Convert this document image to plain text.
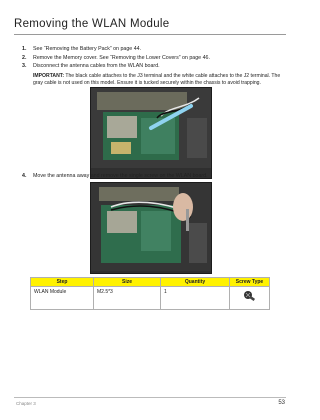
Removing the WLAN Module
1.	See “Removing the Battery Pack” on page 44.
2.	Remove the Memory cover. See “Removing the Lower Covers” on page 46.
3.	Disconnect the antenna cables from the WLAN board.
IMPORTANT: The black cable attaches to the J3 terminal and the white cable attaches to the J2 terminal. The gray cable is not used on this model. Ensure it is tucked securely within the chassis to avoid trapping.
4.	Move the antenna away and remove the single screw on the WLAN board.
Step	Size	Quantity	Screw Type
WLAN Module	M2.5*3	1	
Chapter 3	53
